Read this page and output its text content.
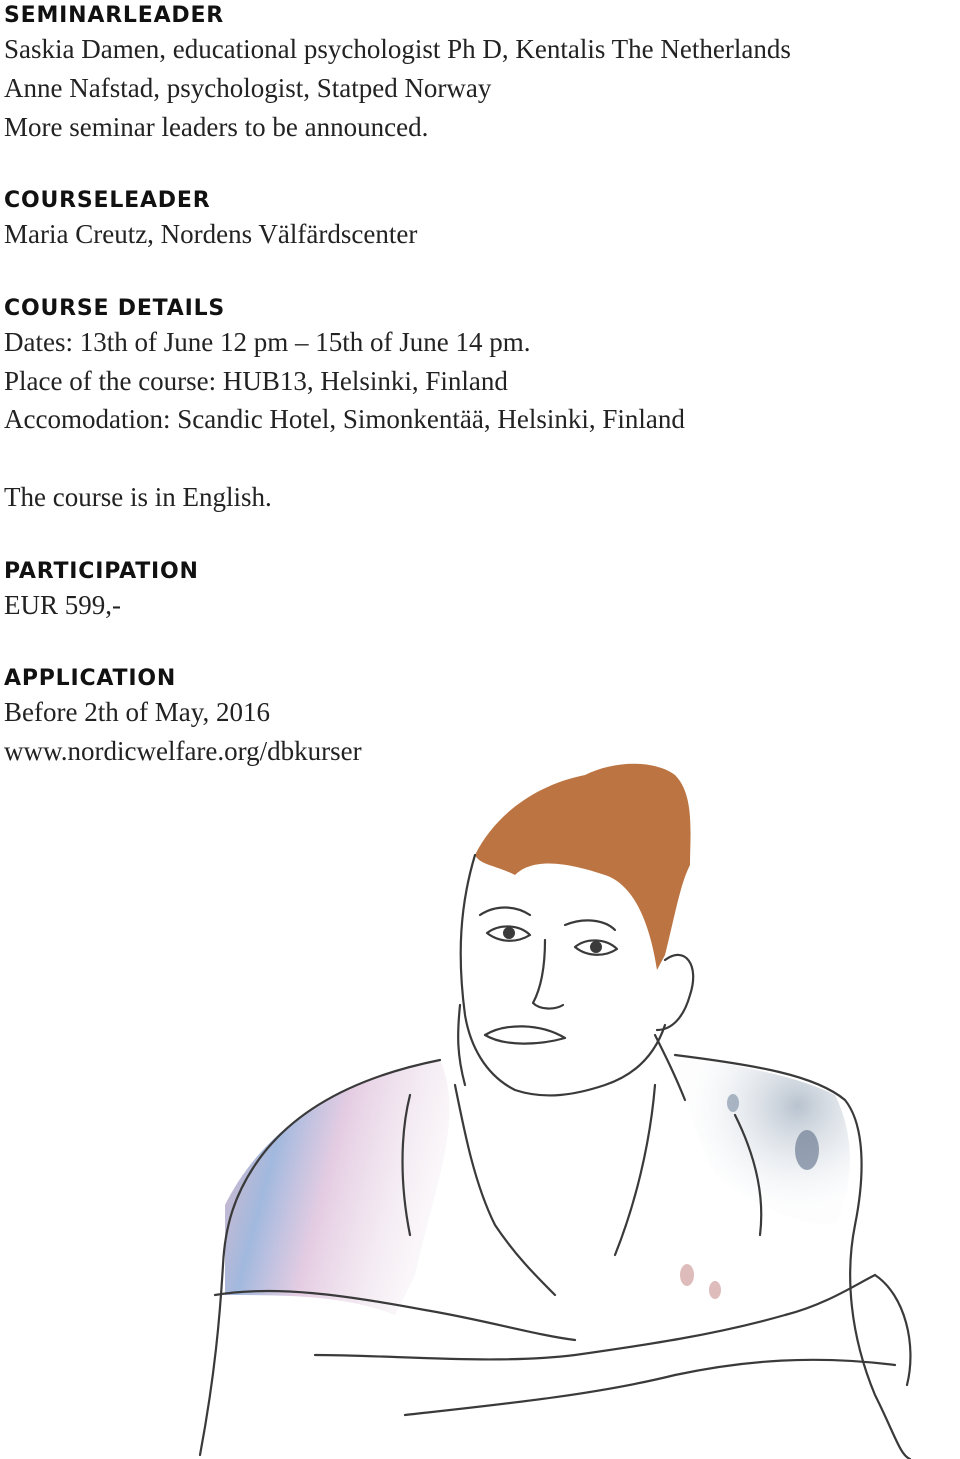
SEMINARLEADER

Saskia Damen, educational psychologist Ph D, Kentalis The Netherlands

Anne Nafstad, psychologist, Statped Norway

More seminar leaders to be announced.

COURSELEADER

Maria Creutz, Nordens Välfärdscenter

COURSE DETAILS

Dates: 13th of June 12 pm – 15th of June 14 pm.

Place of the course: HUB13, Helsinki, Finland

Accomodation: Scandic Hotel, Simonkentää, Helsinki, Finland

The course is in English.

PARTICIPATION

EUR 599,-

APPLICATION

Before 2th of May, 2016

www.nordicwelfare.org/dbkurser
